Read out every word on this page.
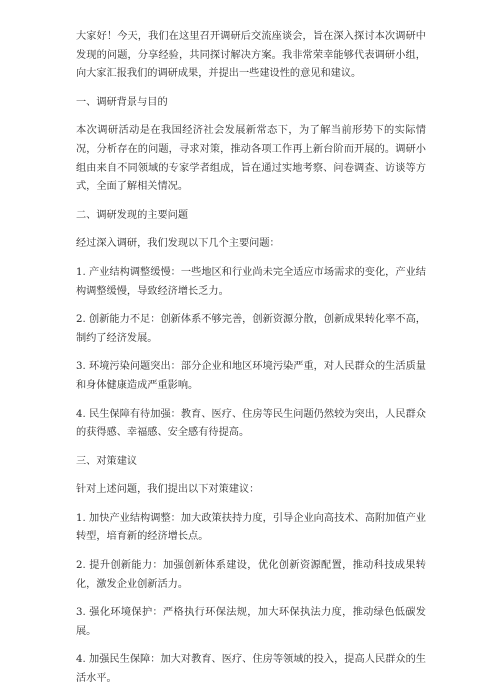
大家好！今天，我们在这里召开调研后交流座谈会，旨在深入探讨本次调研中发现的问题，分享经验，共同探讨解决方案。我非常荣幸能够代表调研小组，向大家汇报我们的调研成果，并提出一些建设性的意见和建议。

一、调研背景与目的

本次调研活动是在我国经济社会发展新常态下，为了解当前形势下的实际情况，分析存在的问题，寻求对策，推动各项工作再上新台阶而开展的。调研小组由来自不同领域的专家学者组成，旨在通过实地考察、问卷调查、访谈等方式，全面了解相关情况。

二、调研发现的主要问题

经过深入调研，我们发现以下几个主要问题：

1. 产业结构调整缓慢：一些地区和行业尚未完全适应市场需求的变化，产业结构调整缓慢，导致经济增长乏力。

2. 创新能力不足：创新体系不够完善，创新资源分散，创新成果转化率不高，制约了经济发展。

3. 环境污染问题突出：部分企业和地区环境污染严重，对人民群众的生活质量和身体健康造成严重影响。

4. 民生保障有待加强：教育、医疗、住房等民生问题仍然较为突出，人民群众的获得感、幸福感、安全感有待提高。

三、对策建议

针对上述问题，我们提出以下对策建议：

1. 加快产业结构调整：加大政策扶持力度，引导企业向高技术、高附加值产业转型，培育新的经济增长点。

2. 提升创新能力：加强创新体系建设，优化创新资源配置，推动科技成果转化，激发企业创新活力。

3. 强化环境保护：严格执行环保法规，加大环保执法力度，推动绿色低碳发展。

4. 加强民生保障：加大对教育、医疗、住房等领域的投入，提高人民群众的生活水平。
